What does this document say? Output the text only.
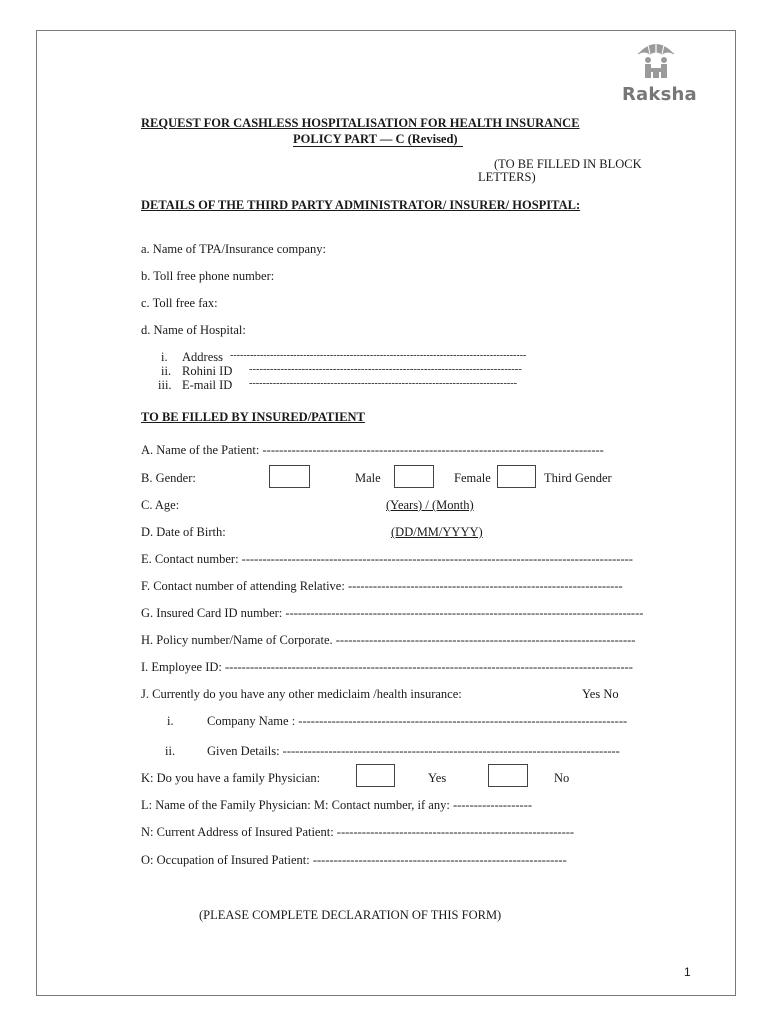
Raksha
REQUEST FOR CASHLESS HOSPITALISATION FOR HEALTH INSURANCE
POLICY PART — C (Revised)
(TO BE FILLED IN BLOCK
LETTERS)
DETAILS OF THE THIRD PARTY ADMINISTRATOR/ INSURER/ HOSPITAL:
a. Name of TPA/Insurance company:
b. Toll free phone number:
c. Toll free fax:
d. Name of Hospital:
i. Address -----------------------------------------------------------------------------------------
ii. Rohini ID ------------------------------------------------------------------------------
iii. E-mail ID -------------------------------------------------------------------------------
TO BE FILLED BY INSURED/PATIENT
A. Name of the Patient: ----------------------------------------------------------------------------------
B. Gender:	Male	Female	Third Gender
C. Age:	(Years) / (Month)
D. Date of Birth:	(DD/MM/YYYY)
E. Contact number: ----------------------------------------------------------------------------------------------
F. Contact number of attending Relative: ------------------------------------------------------------------
G. Insured Card ID number: --------------------------------------------------------------------------------------
H. Policy number/Name of Corporate. ------------------------------------------------------------------------
I. Employee ID: --------------------------------------------------------------------------------------------------
J. Currently do you have any other mediclaim /health insurance:	Yes No
i.	Company Name : -------------------------------------------------------------------------------
ii.	Given Details: ---------------------------------------------------------------------------------
K: Do you have a family Physician:	Yes	No
L: Name of the Family Physician: M: Contact number, if any: -------------------
N: Current Address of Insured Patient: ---------------------------------------------------------
O: Occupation of Insured Patient: -------------------------------------------------------------
(PLEASE COMPLETE DECLARATION OF THIS FORM)
1
